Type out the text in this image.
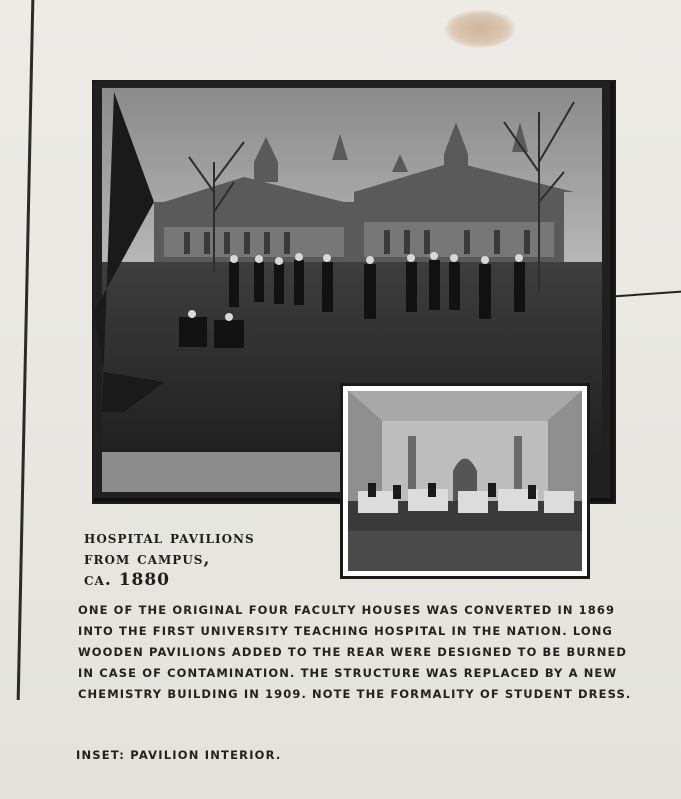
hospital pavilions
from campus,
ca. 1880
ONE OF THE ORIGINAL FOUR FACULTY HOUSES WAS CONVERTED IN 1869 INTO THE FIRST UNIVERSITY TEACHING HOSPITAL IN THE NATION. LONG WOODEN PAVILIONS ADDED TO THE REAR WERE DESIGNED TO BE BURNED IN CASE OF CONTAMINATION. THE STRUCTURE WAS REPLACED BY A NEW CHEMISTRY BUILDING IN 1909. NOTE THE FORMALITY OF STUDENT DRESS.
INSET: PAVILION INTERIOR.
